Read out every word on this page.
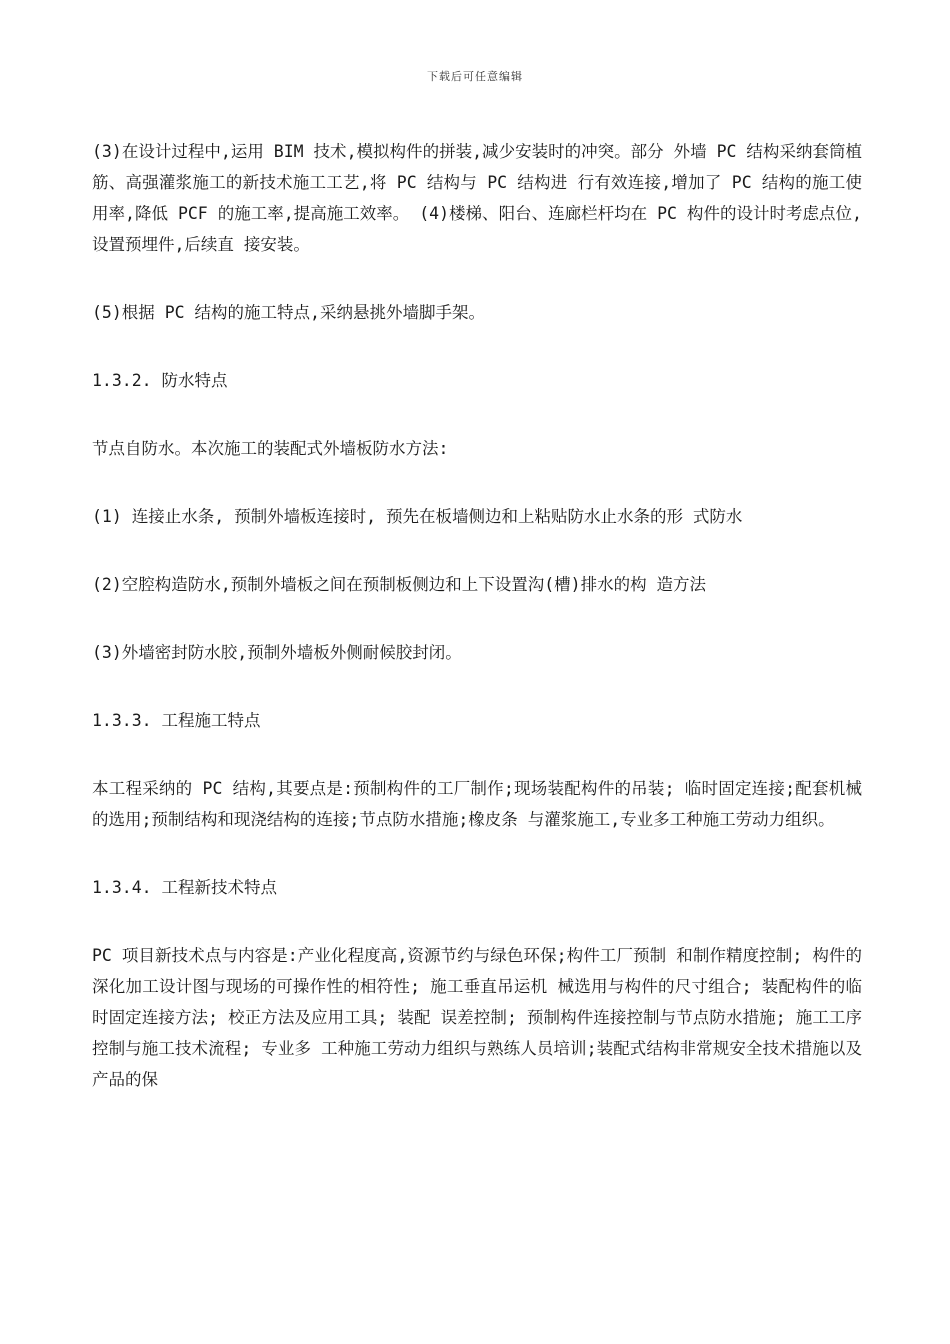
下载后可任意编辑

(3)在设计过程中,运用 BIM 技术,模拟构件的拼装,减少安装时的冲突。部分 外墙 PC 结构采纳套筒植筋、高强灌浆施工的新技术施工工艺,将 PC 结构与 PC 结构进 行有效连接,增加了 PC 结构的施工使用率,降低 PCF 的施工率,提高施工效率。 (4)楼梯、阳台、连廊栏杆均在 PC 构件的设计时考虑点位,设置预埋件,后续直 接安装。

(5)根据 PC 结构的施工特点,采纳悬挑外墙脚手架。

1.3.2. 防水特点

节点自防水。本次施工的装配式外墙板防水方法:

(1) 连接止水条, 预制外墙板连接时, 预先在板墙侧边和上粘贴防水止水条的形 式防水

(2)空腔构造防水,预制外墙板之间在预制板侧边和上下设置沟(槽)排水的构 造方法

(3)外墙密封防水胶,预制外墙板外侧耐候胶封闭。

1.3.3. 工程施工特点

本工程采纳的 PC 结构,其要点是:预制构件的工厂制作;现场装配构件的吊装; 临时固定连接;配套机械的选用;预制结构和现浇结构的连接;节点防水措施;橡皮条 与灌浆施工,专业多工种施工劳动力组织。

1.3.4. 工程新技术特点

PC 项目新技术点与内容是:产业化程度高,资源节约与绿色环保;构件工厂预制 和制作精度控制; 构件的深化加工设计图与现场的可操作性的相符性; 施工垂直吊运机 械选用与构件的尺寸组合; 装配构件的临时固定连接方法; 校正方法及应用工具; 装配 误差控制; 预制构件连接控制与节点防水措施; 施工工序控制与施工技术流程; 专业多 工种施工劳动力组织与熟练人员培训;装配式结构非常规安全技术措施以及产品的保
